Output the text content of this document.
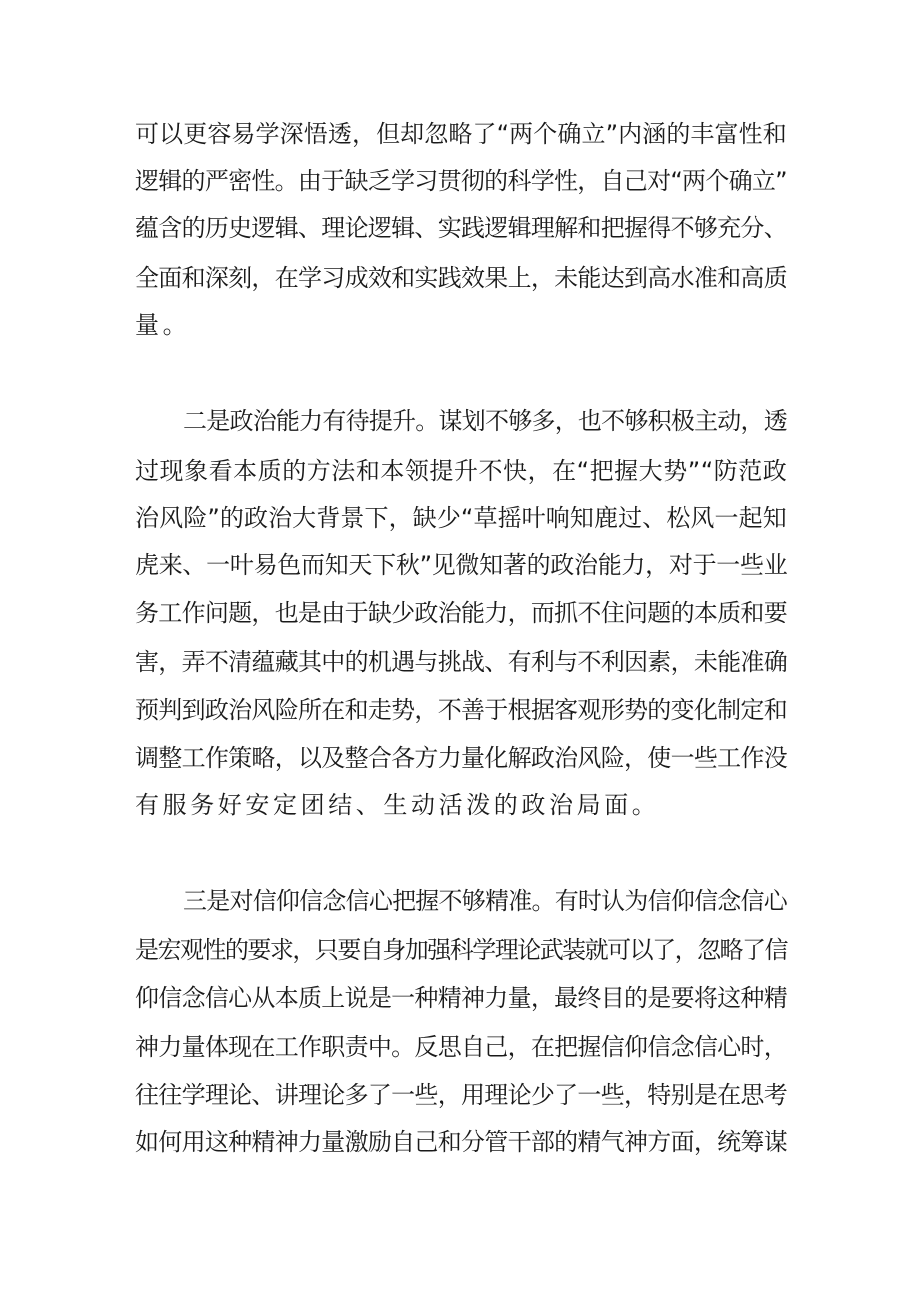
可以更容易学深悟透，但却忽略了“两个确立”内涵的丰富性和
逻辑的严密性。由于缺乏学习贯彻的科学性，自己对“两个确立”
蕴含的历史逻辑、理论逻辑、实践逻辑理解和把握得不够充分、
全面和深刻，在学习成效和实践效果上，未能达到高水准和高质
量。
二是政治能力有待提升。谋划不够多，也不够积极主动，透
过现象看本质的方法和本领提升不快，在“把握大势”“防范政
治风险”的政治大背景下，缺少“草摇叶响知鹿过、松风一起知
虎来、一叶易色而知天下秋”见微知著的政治能力，对于一些业
务工作问题，也是由于缺少政治能力，而抓不住问题的本质和要
害，弄不清蕴藏其中的机遇与挑战、有利与不利因素，未能准确
预判到政治风险所在和走势，不善于根据客观形势的变化制定和
调整工作策略，以及整合各方力量化解政治风险，使一些工作没
有服务好安定团结、生动活泼的政治局面。
三是对信仰信念信心把握不够精准。有时认为信仰信念信心
是宏观性的要求，只要自身加强科学理论武装就可以了，忽略了信
仰信念信心从本质上说是一种精神力量，最终目的是要将这种精
神力量体现在工作职责中。反思自己，在把握信仰信念信心时，
往往学理论、讲理论多了一些，用理论少了一些，特别是在思考
如何用这种精神力量激励自己和分管干部的精气神方面，统筹谋
